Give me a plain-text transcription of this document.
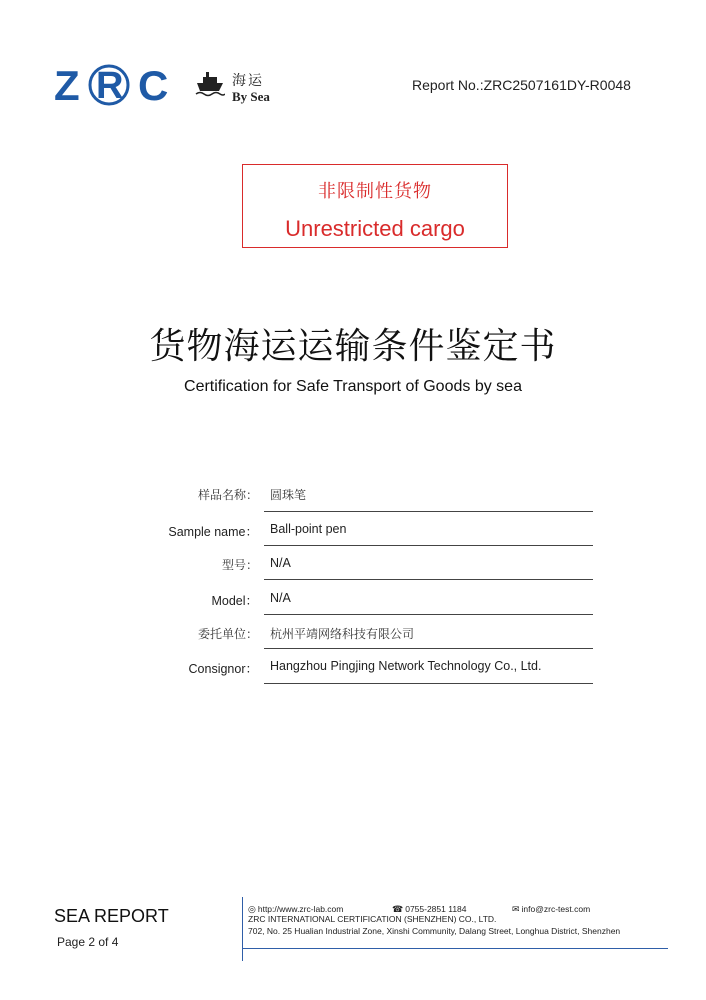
Z R C	海运
By Sea
Report No.:ZRC2507161DY-R0048
非限制性货物
Unrestricted cargo
货物海运运输条件鉴定书
Certification for Safe Transport of Goods by sea
样品名称： 圆珠笔
Sample name： Ball-point pen
型号： N/A
Model： N/A
委托单位： 杭州平靖网络科技有限公司
Consignor： Hangzhou Pingjing Network Technology Co., Ltd.
SEA REPORT
Page 2 of 4
◎ http://www.zrc-lab.com	☎ 0755-2851 1184	✉ info@zrc-test.com
ZRC INTERNATIONAL CERTIFICATION (SHENZHEN) CO., LTD.
702, No. 25 Hualian Industrial Zone, Xinshi Community, Dalang Street, Longhua District, Shenzhen
